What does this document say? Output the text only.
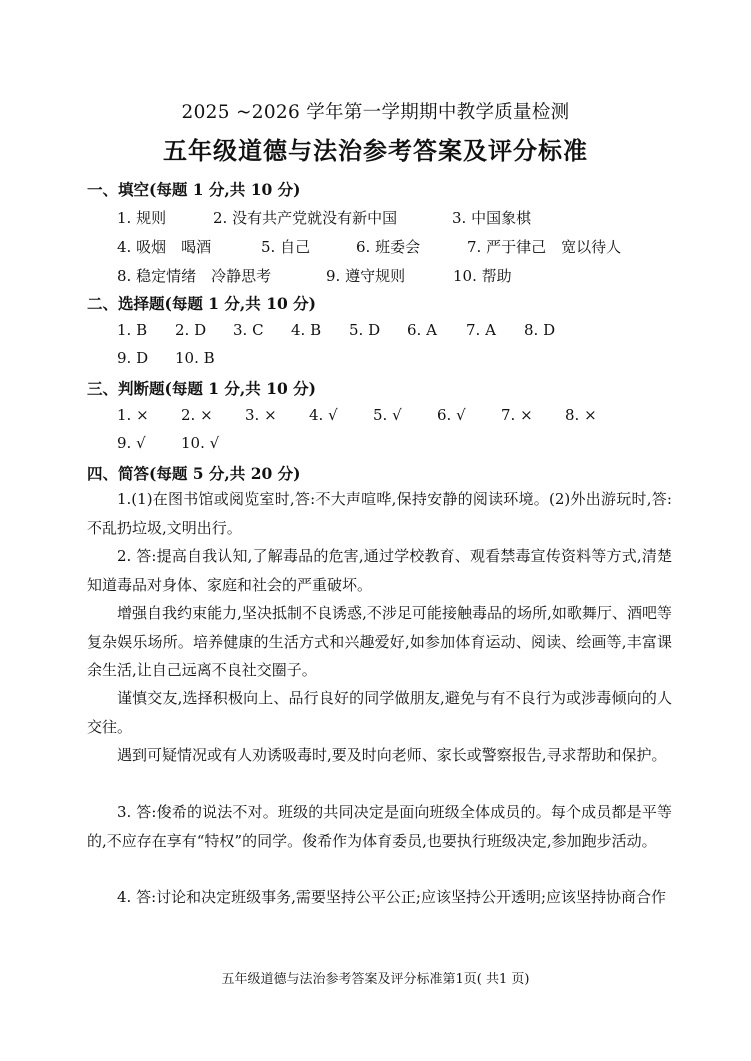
2025 ~2026 学年第一学期期中教学质量检测
五年级道德与法治参考答案及评分标准
一、填空(每题 1 分,共 10 分)
1. 规则	2. 没有共产党就没有新中国	3. 中国象棋
4. 吸烟　喝酒	5. 自己	6. 班委会	7. 严于律己　宽以待人
8. 稳定情绪　冷静思考	9. 遵守规则	10. 帮助
二、选择题(每题 1 分,共 10 分)
1. B 2. D 3. C 4. B 5. D 6. A 7. A 8. D
9. D 10. B
三、判断题(每题 1 分,共 10 分)
1. × 2. × 3. × 4. √ 5. √ 6. √ 7. × 8. ×
9. √ 10. √
四、简答(每题 5 分,共 20 分)

1.(1)在图书馆或阅览室时,答:不大声喧哗,保持安静的阅读环境。(2)外出游玩时,答:不乱扔垃圾,文明出行。

2. 答:提高自我认知,了解毒品的危害,通过学校教育、观看禁毒宣传资料等方式,清楚知道毒品对身体、家庭和社会的严重破坏。

增强自我约束能力,坚决抵制不良诱惑,不涉足可能接触毒品的场所,如歌舞厅、酒吧等复杂娱乐场所。培养健康的生活方式和兴趣爱好,如参加体育运动、阅读、绘画等,丰富课余生活,让自己远离不良社交圈子。

谨慎交友,选择积极向上、品行良好的同学做朋友,避免与有不良行为或涉毒倾向的人交往。

遇到可疑情况或有人劝诱吸毒时,要及时向老师、家长或警察报告,寻求帮助和保护。

3. 答:俊希的说法不对。班级的共同决定是面向班级全体成员的。每个成员都是平等的,不应存在享有“特权”的同学。俊希作为体育委员,也要执行班级决定,参加跑步活动。

4. 答:讨论和决定班级事务,需要坚持公平公正;应该坚持公开透明;应该坚持协商合作

五年级道德与法治参考答案及评分标准第1页( 共1 页)
